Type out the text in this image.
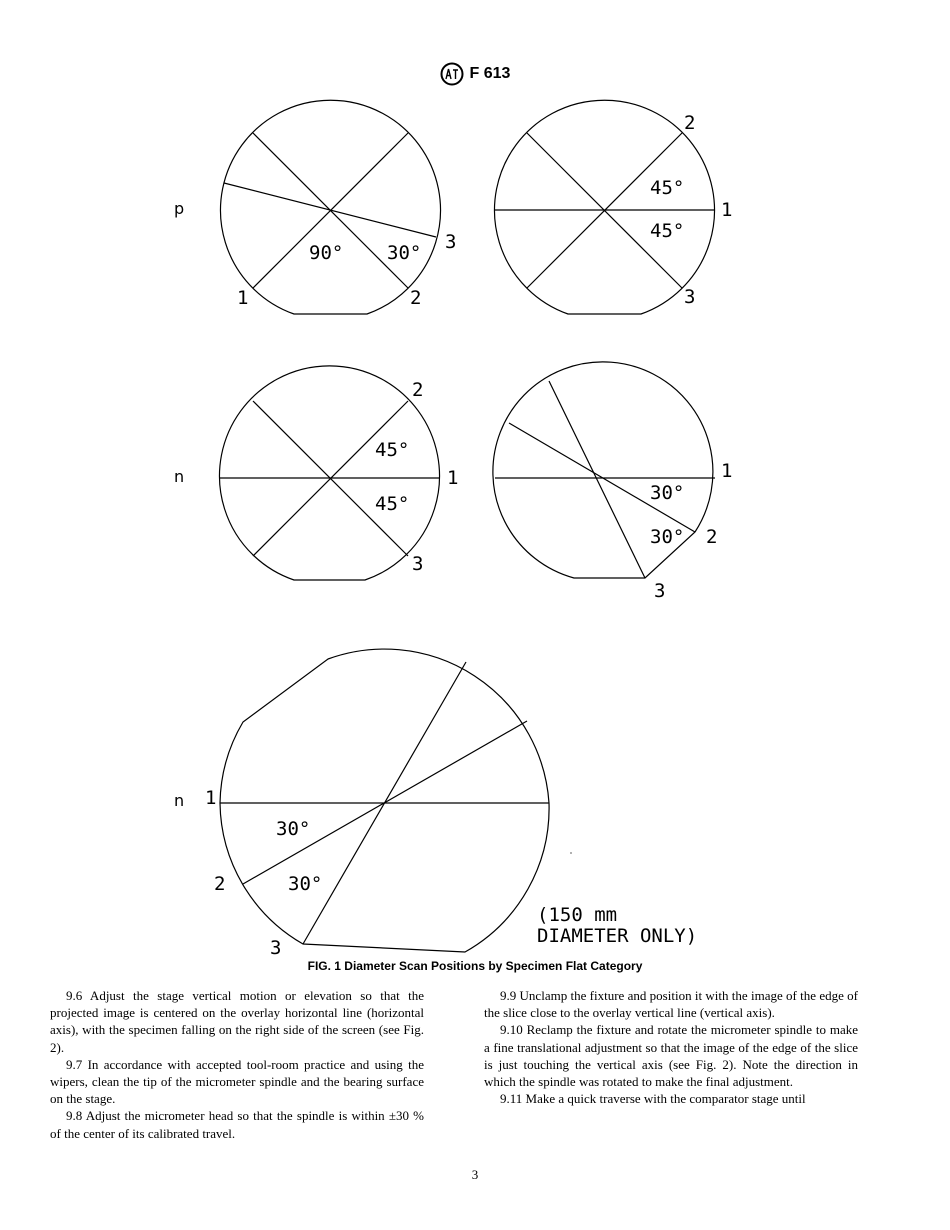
F 613
p
90° 30°
1	2
3
45°
45°
2
1
3
n
45°
45°
2
1
3
30°
30°
1
2
3
n
30°
30°
1
2
3
(150 mm
DIAMETER ONLY)
FIG. 1 Diameter Scan Positions by Specimen Flat Category

9.6 Adjust the stage vertical motion or elevation so that the projected image is centered on the overlay horizontal line (horizontal axis), with the specimen falling on the right side of the screen (see Fig. 2).

9.7 In accordance with accepted tool-room practice and using the wipers, clean the tip of the micrometer spindle and the bearing surface on the stage.

9.8 Adjust the micrometer head so that the spindle is within ±30 % of the center of its calibrated travel.

9.9 Unclamp the fixture and position it with the image of the edge of the slice close to the overlay vertical line (vertical axis).

9.10 Reclamp the fixture and rotate the micrometer spindle to make a fine translational adjustment so that the image of the edge of the slice is just touching the vertical axis (see Fig. 2). Note the direction in which the spindle was rotated to make the final adjustment.

9.11 Make a quick traverse with the comparator stage until

3
